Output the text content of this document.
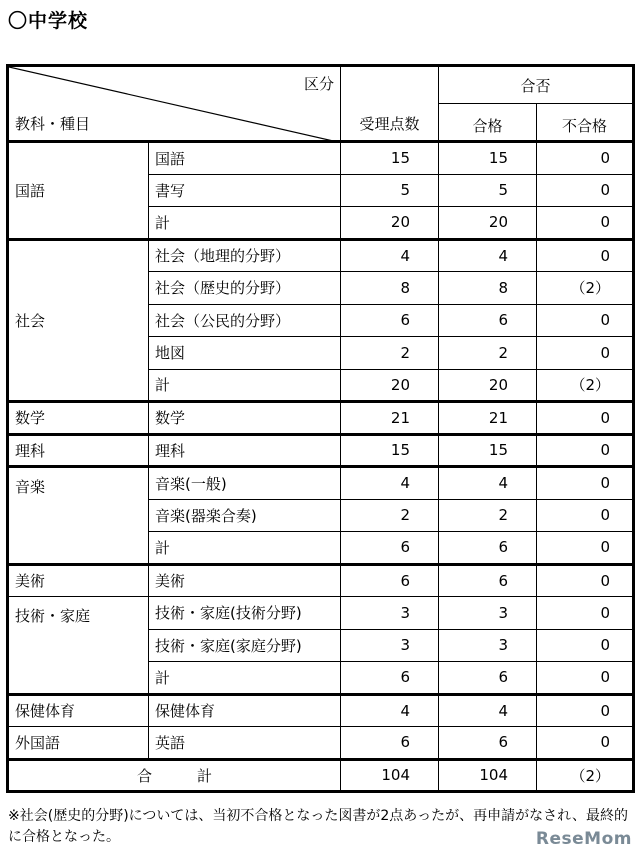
〇中学校
区分
教科・種目		受理点数	合否	
			合格	不合格
国語	国語	15	15	0
	書写	5	5	0
	計	20	20	0
社会	社会（地理的分野）	4	4	0
	社会（歴史的分野）	8	8	（2）
	社会（公民的分野）	6	6	0
	地図	2	2	0
	計	20	20	（2）
数学	数学	21	21	0
理科	理科	15	15	0
音楽	音楽(一般)	4	4	0
	音楽(器楽合奏)	2	2	0
	計	6	6	0
美術	美術	6	6	0
技術・家庭	技術・家庭(技術分野)	3	3	0
	技術・家庭(家庭分野)	3	3	0
	計	6	6	0
保健体育	保健体育	4	4	0
外国語	英語	6	6	0
合　　　計		104	104	（2）
※社会(歴史的分野)については、当初不合格となった図書が2点あったが、再申請がなされ、最終的に合格となった。	ReseMom
